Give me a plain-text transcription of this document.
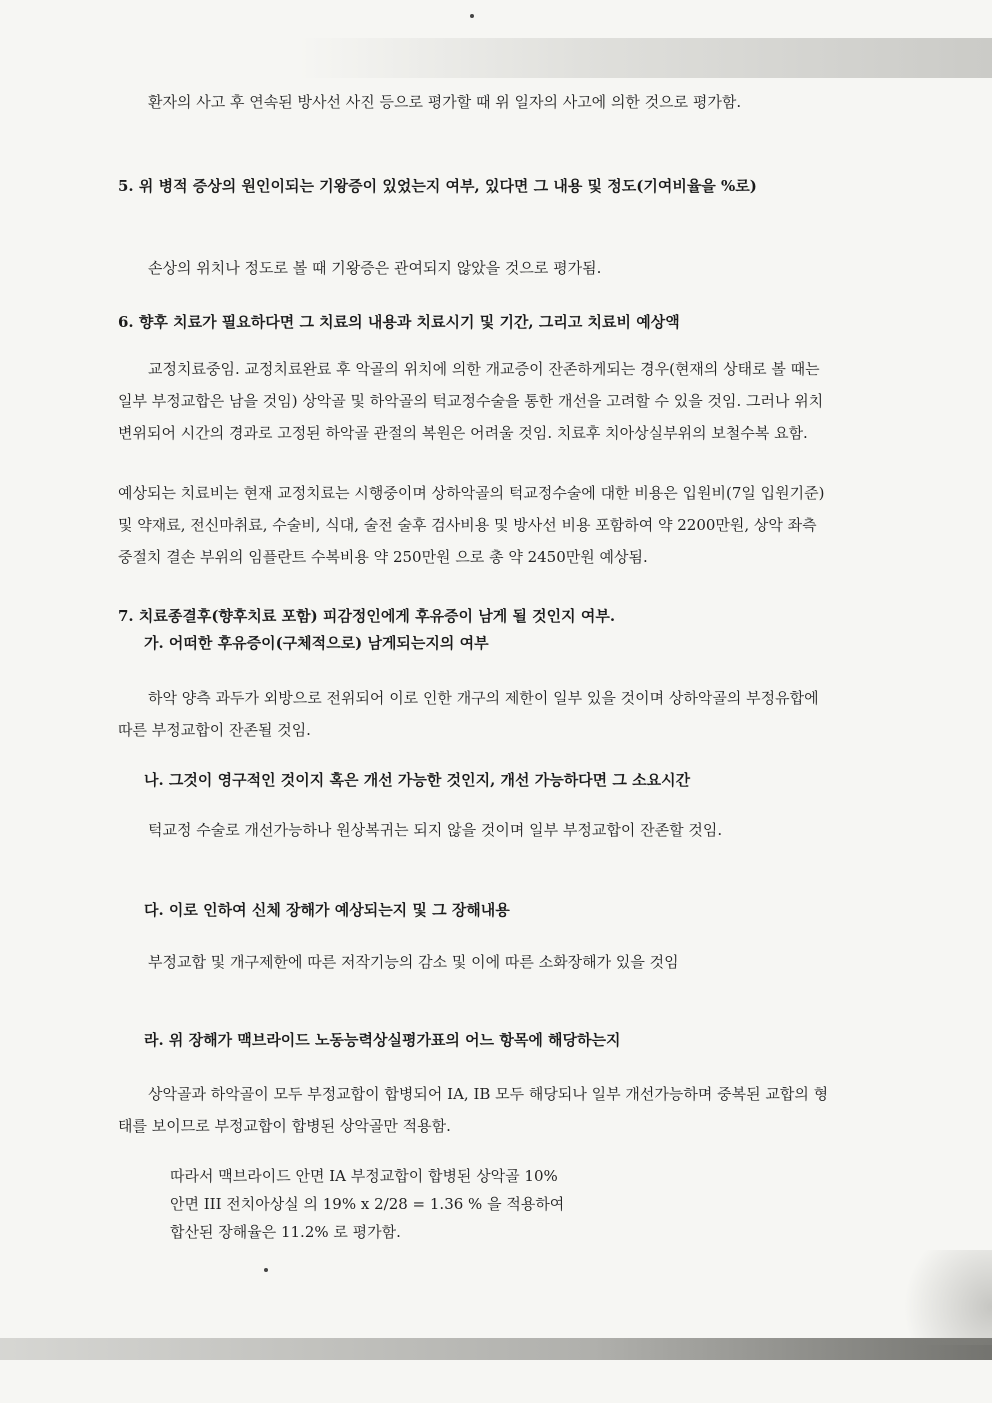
환자의 사고 후 연속된 방사선 사진 등으로 평가할 때 위 일자의 사고에 의한 것으로 평가함.

5. 위 병적 증상의 원인이되는 기왕증이 있었는지 여부, 있다면 그 내용 및 정도(기여비율을 %로)

손상의 위치나 정도로 볼 때 기왕증은 관여되지 않았을 것으로 평가됨.

6. 향후 치료가 필요하다면 그 치료의 내용과 치료시기 및 기간, 그리고 치료비 예상액

교정치료중임. 교정치료완료 후 악골의 위치에 의한 개교증이 잔존하게되는 경우(현재의 상태로 볼 때는 일부 부정교합은 남을 것임) 상악골 및 하악골의 턱교정수술을 통한 개선을 고려할 수 있을 것임. 그러나 위치 변위되어 시간의 경과로 고정된 하악골 관절의 복원은 어려울 것임. 치료후 치아상실부위의 보철수복 요함.

예상되는 치료비는 현재 교정치료는 시행중이며 상하악골의 턱교정수술에 대한 비용은 입원비(7일 입원기준)및 약재료, 전신마취료, 수술비, 식대, 술전 술후 검사비용 및 방사선 비용 포함하여 약 2200만원, 상악 좌측 중절치 결손 부위의 임플란트 수복비용 약 250만원 으로 총 약 2450만원 예상됨.

7. 치료종결후(향후치료 포함) 피감정인에게 후유증이 남게 될 것인지 여부.

가. 어떠한 후유증이(구체적으로) 남게되는지의 여부

하악 양측 과두가 외방으로 전위되어 이로 인한 개구의 제한이 일부 있을 것이며 상하악골의 부정유합에 따른 부정교합이 잔존될 것임.

나. 그것이 영구적인 것이지 혹은 개선 가능한 것인지, 개선 가능하다면 그 소요시간

턱교정 수술로 개선가능하나 원상복귀는 되지 않을 것이며 일부 부정교합이 잔존할 것임.

다. 이로 인하여 신체 장해가 예상되는지 및 그 장해내용

부정교합 및 개구제한에 따른 저작기능의 감소 및 이에 따른 소화장해가 있을 것임

라. 위 장해가 맥브라이드 노동능력상실평가표의 어느 항목에 해당하는지

상악골과 하악골이 모두 부정교합이 합병되어 IA, IB 모두 해당되나 일부 개선가능하며 중복된 교합의 형태를 보이므로 부정교합이 합병된 상악골만 적용함.

따라서 맥브라이드 안면 IA 부정교합이 합병된 상악골 10%

안면 III 전치아상실 의 19% x 2/28 = 1.36 % 을 적용하여

합산된 장해율은 11.2% 로 평가함.
